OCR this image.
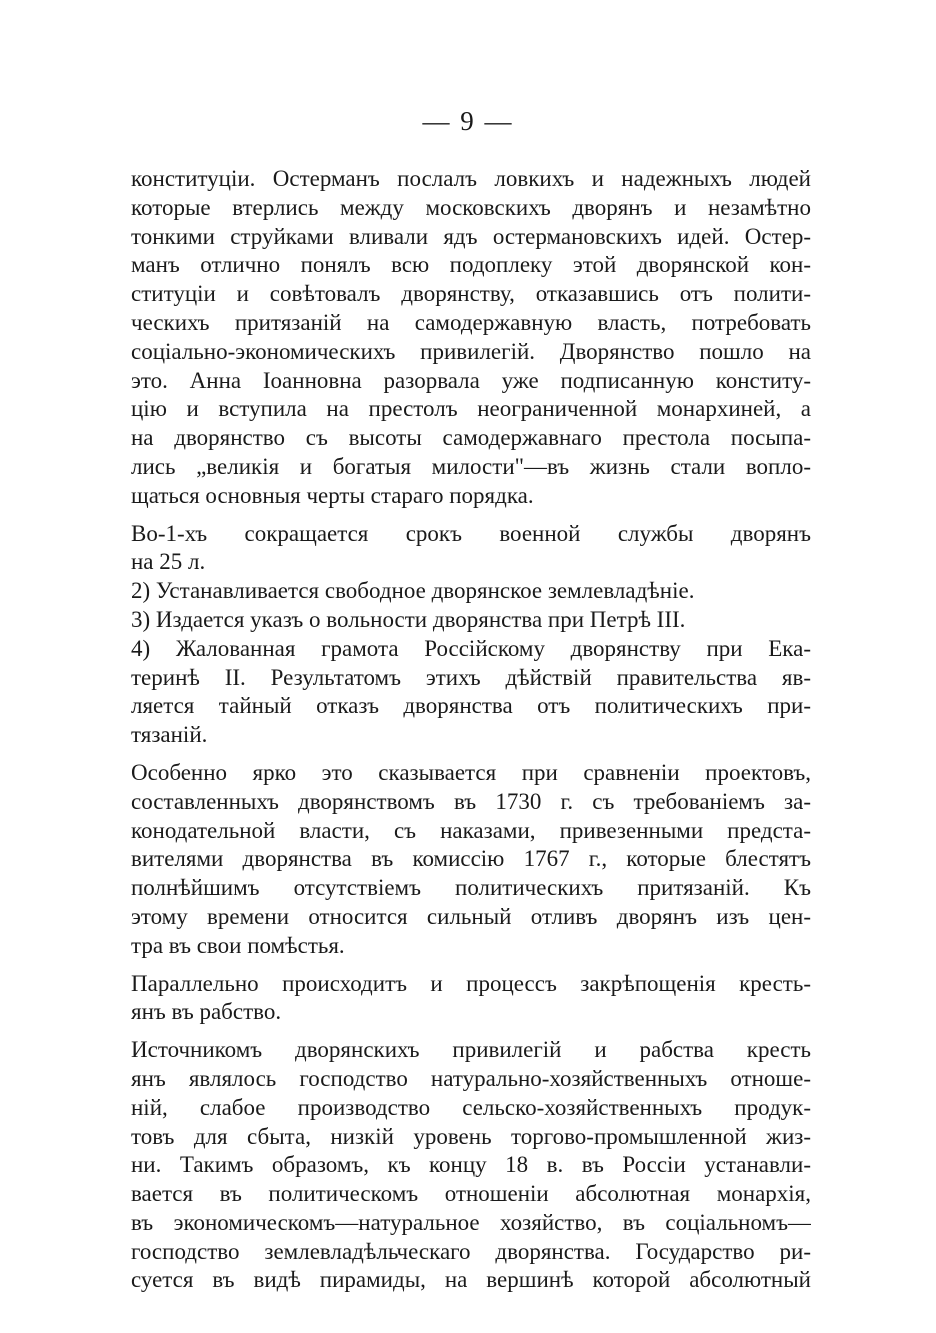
— 9 —
конституціи. Остерманъ послалъ ловкихъ и надежныхъ людей
которые втерлись между московскихъ дворянъ и незамѣтно
тонкими струйками вливали ядъ остермановскихъ идей. Остер-
манъ отлично понялъ всю подоплеку этой дворянской кон-
ституціи и совѣтовалъ дворянству, отказавшись отъ полити-
ческихъ притязаній на самодержавную власть, потребовать
соціально-экономическихъ привилегій. Дворянство пошло на
это. Анна Іоанновна разорвала уже подписанную конститу-
цію и вступила на престолъ неограниченной монархиней, а
на дворянство съ высоты самодержавнаго престола посыпа-
лись „великія и богатыя милости"—въ жизнь стали вопло-
щаться основныя черты стараго порядка.
Во-1-хъ сокращается срокъ военной службы дворянъ
на 25 л.
2) Устанавливается свободное дворянское землевладѣніе.
3) Издается указъ о вольности дворянства при Петрѣ III.
4) Жалованная грамота Россійскому дворянству при Ека-
теринѣ II. Результатомъ этихъ дѣйствій правительства яв-
ляется тайный отказъ дворянства отъ политическихъ при-
тязаній.
Особенно ярко это сказывается при сравненіи проектовъ,
составленныхъ дворянствомъ въ 1730 г. съ требованіемъ за-
конодательной власти, съ наказами, привезенными предста-
вителями дворянства въ комиссію 1767 г., которые блестятъ
полнѣйшимъ отсутствіемъ политическихъ притязаній. Къ
этому времени относится сильный отливъ дворянъ изъ цен-
тра въ свои помѣстья.
Параллельно происходитъ и процессъ закрѣпощенія кресть-
янъ въ рабство.
Источникомъ дворянскихъ привилегій и рабства кресть
янъ являлось господство натурально-хозяйственныхъ отноше-
ній, слабое производство сельско-хозяйственныхъ продук-
товъ для сбыта, низкій уровень торгово-промышленной жиз-
ни. Такимъ образомъ, къ концу 18 в. въ Россіи устанавли-
вается въ политическомъ отношеніи абсолютная монархія,
въ экономическомъ—натуральное хозяйство, въ соціальномъ—
господство землевладѣльческаго дворянства. Государство ри-
суется въ видѣ пирамиды, на вершинѣ которой абсолютный
